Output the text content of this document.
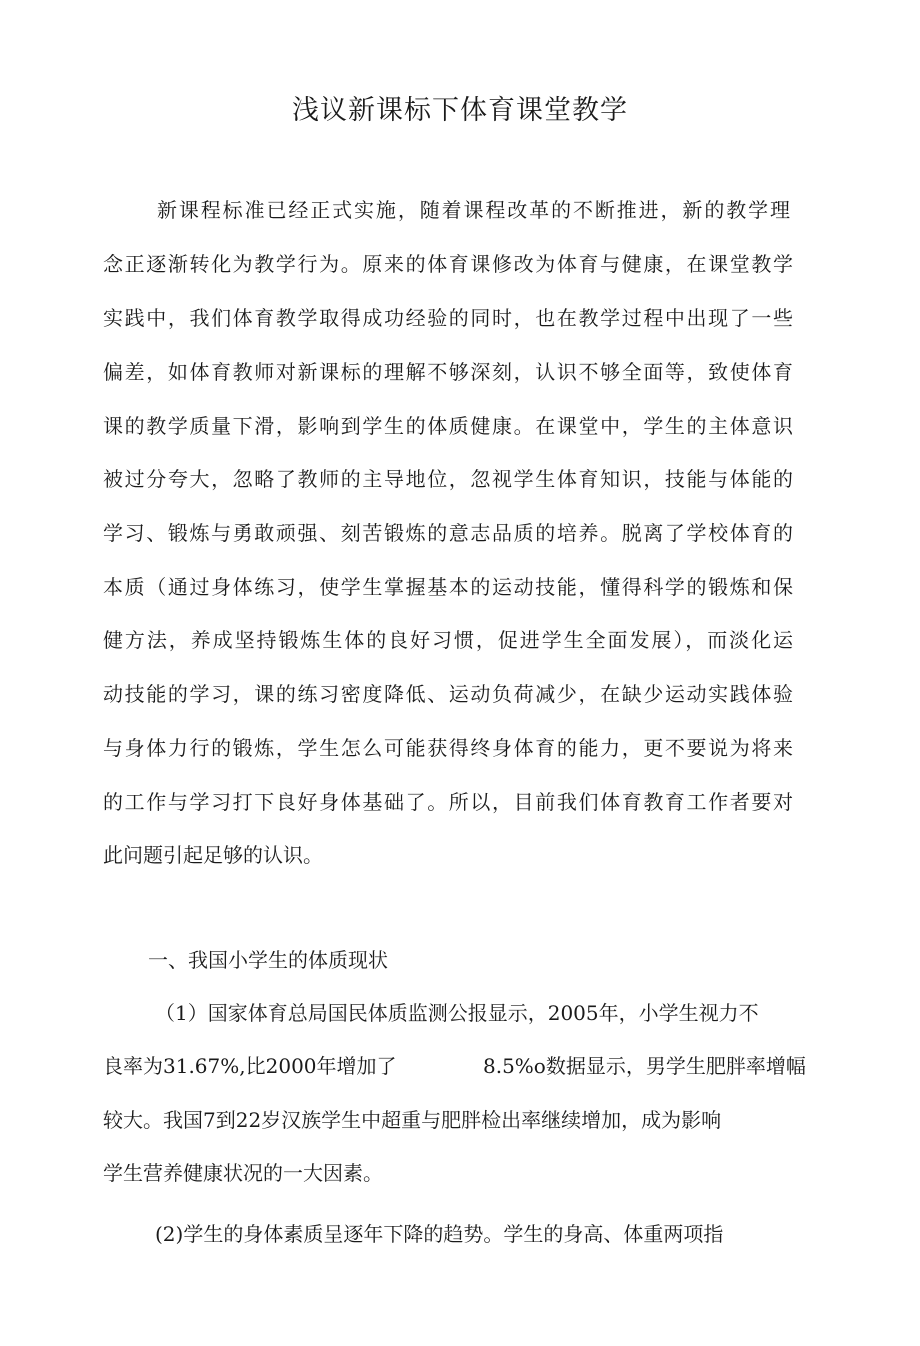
浅议新课标下体育课堂教学
新课程标准已经正式实施，随着课程改革的不断推进，新的教学理
念正逐渐转化为教学行为。原来的体育课修改为体育与健康，在课堂教学
实践中，我们体育教学取得成功经验的同时，也在教学过程中出现了一些
偏差，如体育教师对新课标的理解不够深刻，认识不够全面等，致使体育
课的教学质量下滑，影响到学生的体质健康。在课堂中，学生的主体意识
被过分夸大，忽略了教师的主导地位，忽视学生体育知识，技能与体能的
学习、锻炼与勇敢顽强、刻苦锻炼的意志品质的培养。脱离了学校体育的
本质（通过身体练习，使学生掌握基本的运动技能，懂得科学的锻炼和保
健方法，养成坚持锻炼生体的良好习惯，促进学生全面发展），而淡化运
动技能的学习，课的练习密度降低、运动负荷减少，在缺少运动实践体验
与身体力行的锻炼，学生怎么可能获得终身体育的能力，更不要说为将来
的工作与学习打下良好身体基础了。所以，目前我们体育教育工作者要对
此问题引起足够的认识。
一、我国小学生的体质现状
（1）国家体育总局国民体质监测公报显示，2005年，小学生视力不
良率为31.67%,比2000年增加了	8.5%o数据显示，男学生肥胖率增幅
较大。我国7到22岁汉族学生中超重与肥胖检出率继续增加，成为影响
学生营养健康状况的一大因素。
(2)学生的身体素质呈逐年下降的趋势。学生的身高、体重两项指
